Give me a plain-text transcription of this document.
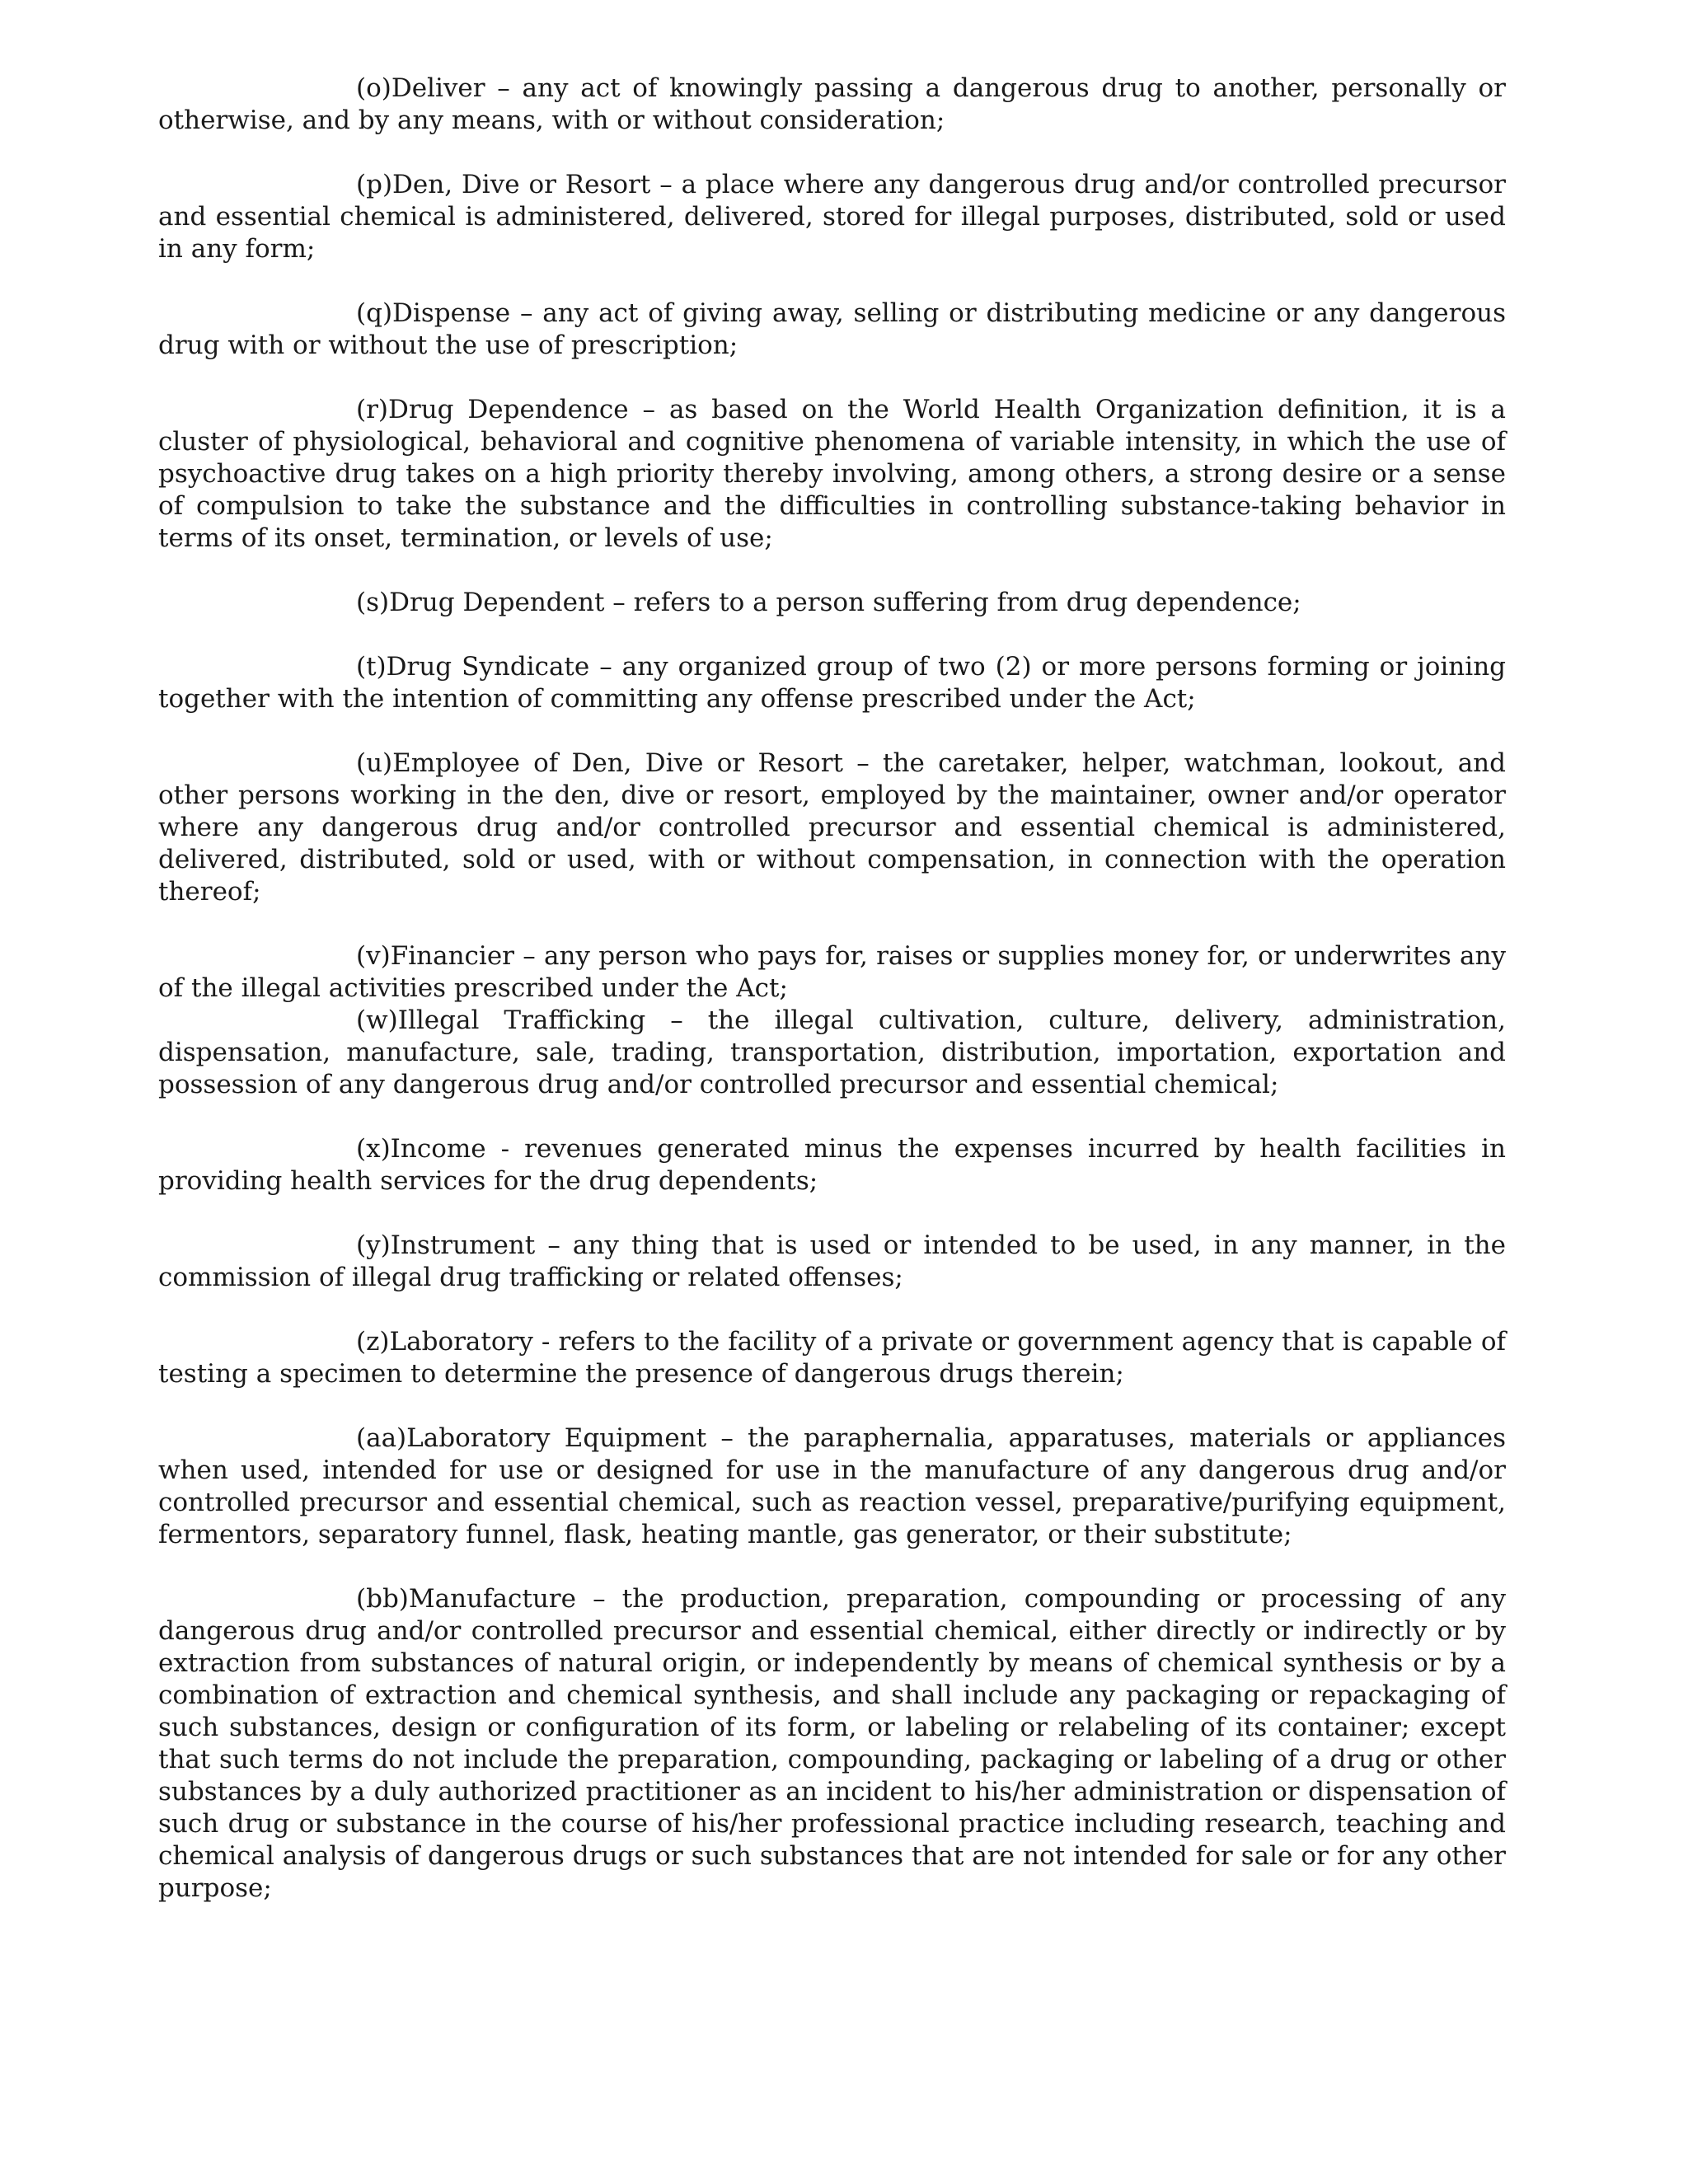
(o)Deliver – any act of knowingly passing a dangerous drug to another, personally or otherwise, and by any means, with or without consideration;

(p)Den, Dive or Resort – a place where any dangerous drug and/or controlled precursor and essential chemical is administered, delivered, stored for illegal purposes, distributed, sold or used in any form;

(q)Dispense – any act of giving away, selling or distributing medicine or any dangerous drug with or without the use of prescription;

(r)Drug Dependence – as based on the World Health Organization definition, it is a cluster of physiological, behavioral and cognitive phenomena of variable intensity, in which the use of psychoactive drug takes on a high priority thereby involving, among others, a strong desire or a sense of compulsion to take the substance and the difficulties in controlling substance-taking behavior in terms of its onset, termination, or levels of use;

(s)Drug Dependent – refers to a person suffering from drug dependence;

(t)Drug Syndicate – any organized group of two (2) or more persons forming or joining together with the intention of committing any offense prescribed under the Act;

(u)Employee of Den, Dive or Resort – the caretaker, helper, watchman, lookout, and other persons working in the den, dive or resort, employed by the maintainer, owner and/or operator where any dangerous drug and/or controlled precursor and essential chemical is administered, delivered, distributed, sold or used, with or without compensation, in connection with the operation thereof;

(v)Financier – any person who pays for, raises or supplies money for, or underwrites any of the illegal activities prescribed under the Act;

(w)Illegal Trafficking – the illegal cultivation, culture, delivery, administration, dispensation, manufacture, sale, trading, transportation, distribution, importation, exportation and possession of any dangerous drug and/or controlled precursor and essential chemical;

(x)Income - revenues generated minus the expenses incurred by health facilities in providing health services for the drug dependents;

(y)Instrument – any thing that is used or intended to be used, in any manner, in the commission of illegal drug trafficking or related offenses;

(z)Laboratory - refers to the facility of a private or government agency that is capable of testing a specimen to determine the presence of dangerous drugs therein;

(aa)Laboratory Equipment – the paraphernalia, apparatuses, materials or appliances when used, intended for use or designed for use in the manufacture of any dangerous drug and/or controlled precursor and essential chemical, such as reaction vessel, preparative/purifying equipment, fermentors, separatory funnel, flask, heating mantle, gas generator, or their substitute;

(bb)Manufacture – the production, preparation, compounding or processing of any dangerous drug and/or controlled precursor and essential chemical, either directly or indirectly or by extraction from substances of natural origin, or independently by means of chemical synthesis or by a combination of extraction and chemical synthesis, and shall include any packaging or repackaging of such substances, design or configuration of its form, or labeling or relabeling of its container; except that such terms do not include the preparation, compounding, packaging or labeling of a drug or other substances by a duly authorized practitioner as an incident to his/her administration or dispensation of such drug or substance in the course of his/her professional practice including research, teaching and chemical analysis of dangerous drugs or such substances that are not intended for sale or for any other purpose;
